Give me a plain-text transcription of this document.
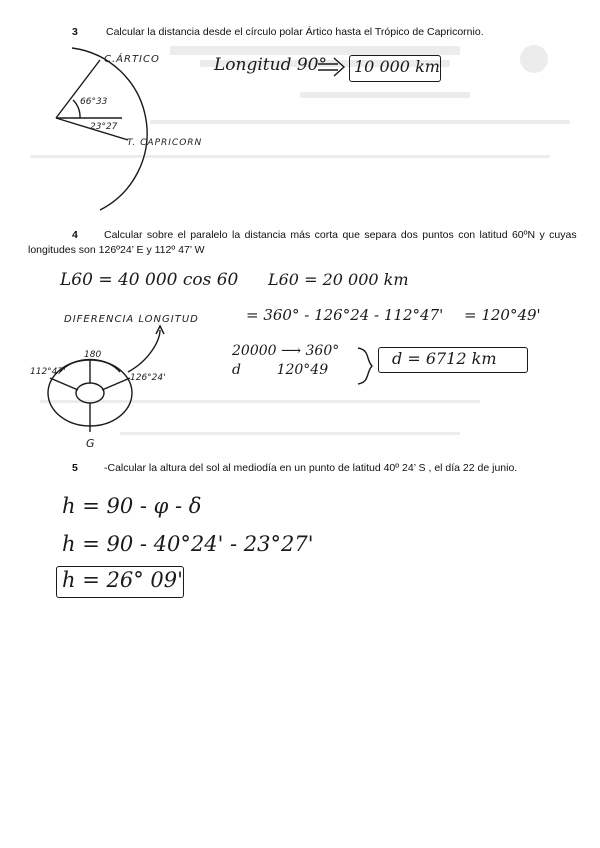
3	Calcular la distancia desde el círculo polar Ártico hasta el Trópico de Capricornio.
C.ÁRTICO
66°33
23°27
T. CAPRICORN
Longitud 90° 10 000 km
4 Calcular sobre el paralelo la distancia más corta que separa dos puntos con latitud 60ºN y cuyas
longitudes son 126º24’ E y 112º 47’ W
L60 = 40 000 cos 60 L60 = 20 000 km
DIFERENCIA LONGITUD	= 360° - 126°24 - 112°47' = 120°49'
180
112°47'
126°24'
G
20000 ⟶ 360°
d        120°49
d = 6712 km
5 -Calcular la altura del sol al mediodía en un punto de latitud 40º 24’ S , el día 22 de junio.
h = 90 - φ - δ
h = 90 - 40°24' - 23°27'
h = 26° 09'
